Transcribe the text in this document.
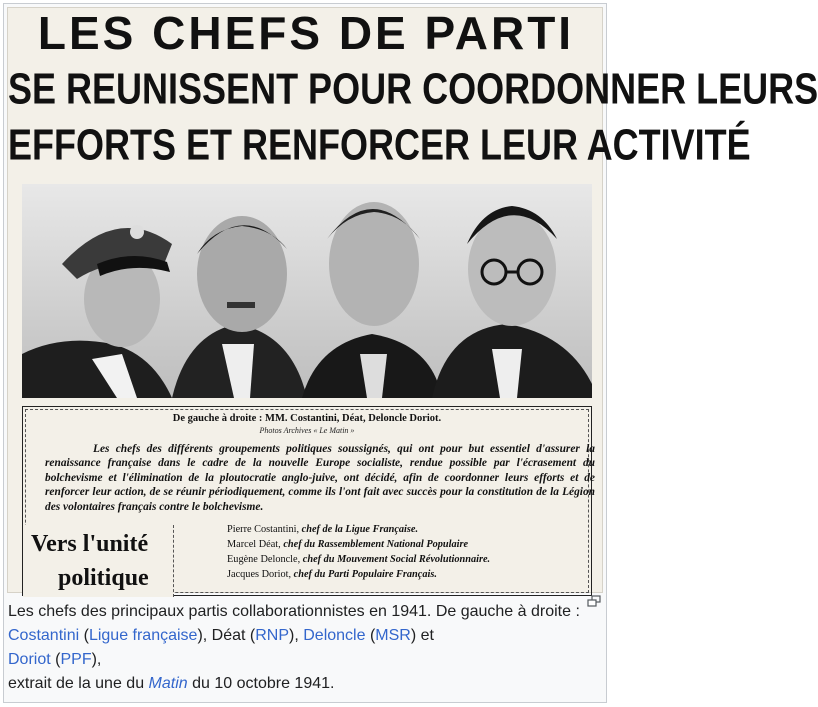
LES CHEFS DE PARTI
SE REUNISSENT POUR COORDONNER LEURS
EFFORTS ET RENFORCER LEUR ACTIVITÉ
De gauche à droite : MM. Costantini, Déat, Deloncle Doriot.
Photos Archives « Le Matin »
Les chefs des différents groupements politiques soussignés, qui ont pour but essentiel d'assurer la renaissance française dans le cadre de la nouvelle Europe socialiste, rendue possible par l'écrasement du bolchevisme et l'élimination de la ploutocratie anglo-juive, ont décidé, afin de coordonner leurs efforts et de renforcer leur action, de se réunir périodiquement, comme ils l'ont fait avec succès pour la constitution de la Légion des volontaires français contre le bolchevisme.
Pierre Costantini, chef de la Ligue Française.
Marcel Déat, chef du Rassemblement National Populaire
Eugène Deloncle, chef du Mouvement Social Révolutionnaire.
Jacques Doriot, chef du Parti Populaire Français.
Vers l'unité
politique
Les chefs des principaux partis collaborationnistes en 1941. De gauche à droite : Costantini (Ligue française), Déat (RNP), Deloncle (MSR) et
Doriot (PPF),
extrait de la une du Matin du 10 octobre 1941.
